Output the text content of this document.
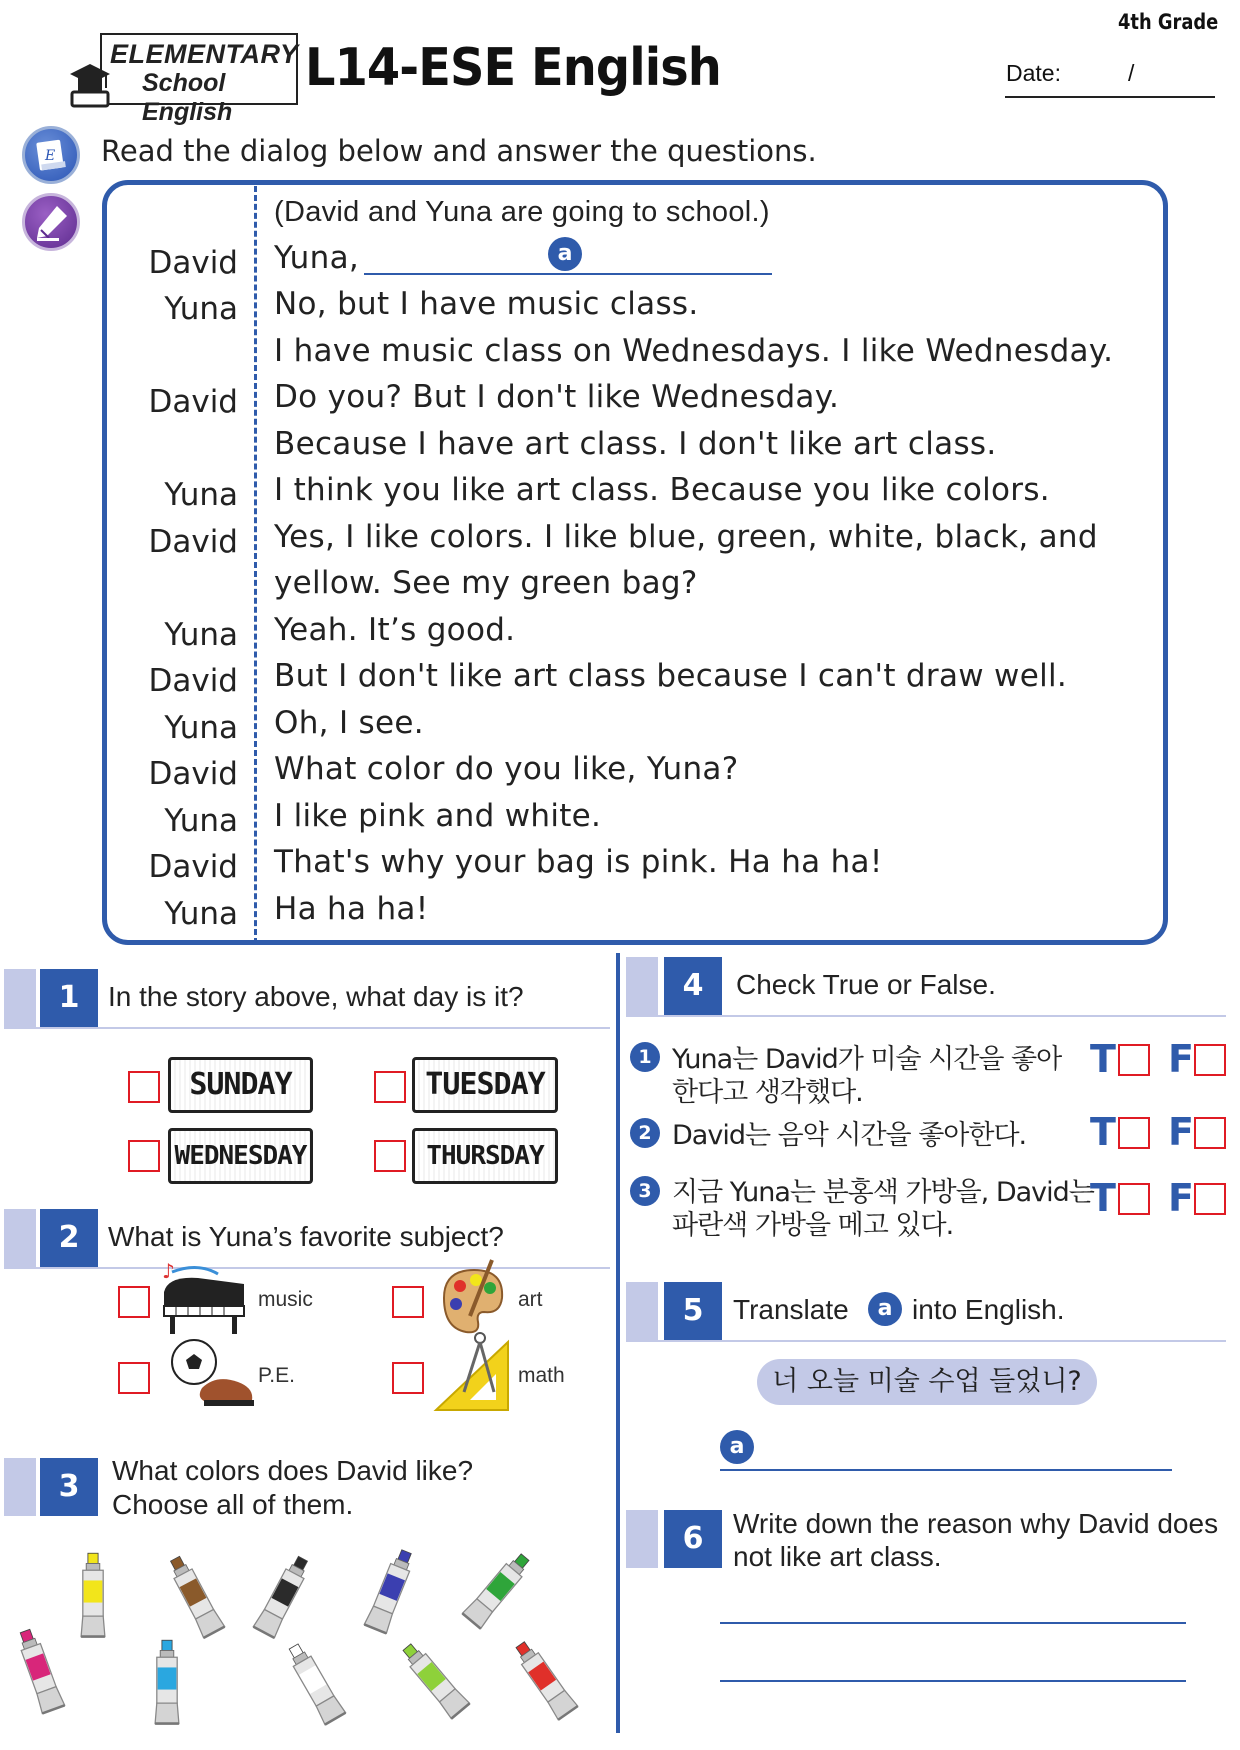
ELEMENTARY
School English
L14-ESE English
4th Grade
Date:	/
E Read the dialog below and answer the questions.
(David and Yuna are going to school.)
David Yuna,
Yuna No, but I have music class.
I have music class on Wednesdays. I like Wednesday.
David Do you? But I don't like Wednesday.
Because I have art class. I don't like art class.
Yuna I think you like art class. Because you like colors.
David Yes, I like colors. I like blue, green, white, black, and
yellow. See my green bag?
Yuna Yeah. It’s good.
David But I don't like art class because I can't draw well.
Yuna Oh, I see.
David What color do you like, Yuna?
Yuna I like pink and white.
David That's why your bag is pink. Ha ha ha!
Yuna Ha ha ha!
a
1	In the story above, what day is it?
SUNDAY	TUESDAY
WEDNESDAY	THURSDAY
2	What is Yuna’s favorite subject?
♪
music	art
P.E.	math
3	What colors does David like?
Choose all of them.
4	Check True or False.
1 Yuna는 David가 미술 시간을 좋아
한다고 생각했다.
T F
2 David는 음악 시간을 좋아한다. T F
3 지금 Yuna는 분홍색 가방을, David는
파란색 가방을 메고 있다.
T F
5	Translate	a into English.
너 오늘 미술 수업 들었니?
a
6	Write down the reason why David does
not like art class.
